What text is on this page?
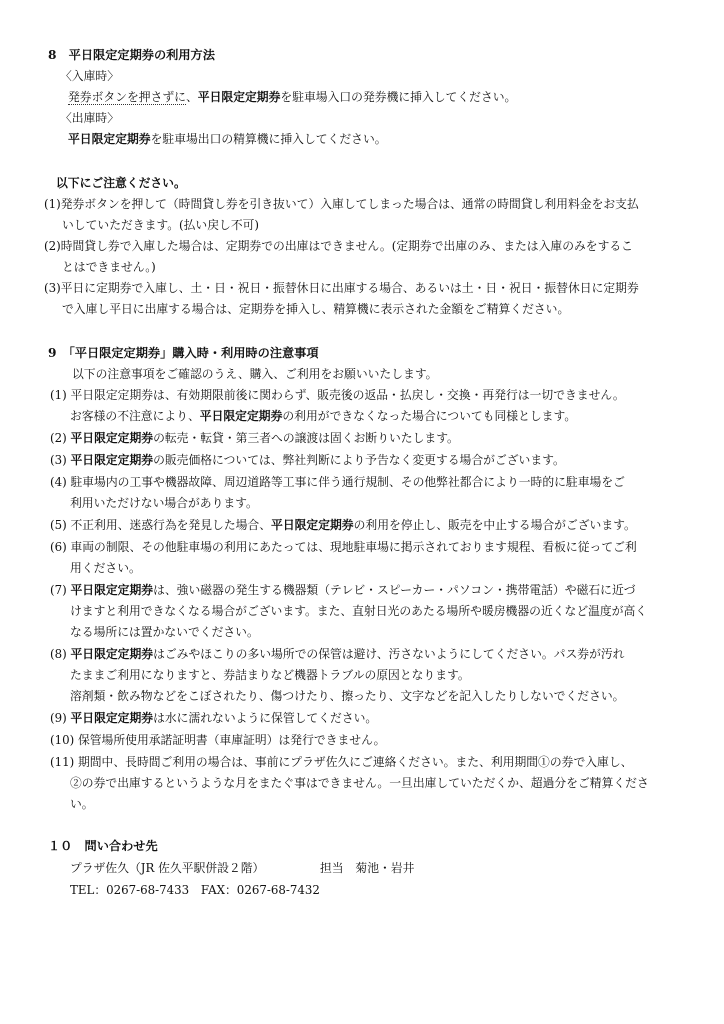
8　平日限定定期券の利用方法
〈入庫時〉
発券ボタンを押さずに、平日限定定期券を駐車場入口の発券機に挿入してください。
〈出庫時〉
平日限定定期券を駐車場出口の精算機に挿入してください。
以下にご注意ください。
(1)発券ボタンを押して（時間貸し券を引き抜いて）入庫してしまった場合は、通常の時間貸し利用料金をお支払
いしていただきます。(払い戻し不可)
(2)時間貸し券で入庫した場合は、定期券での出庫はできません。(定期券で出庫のみ、または入庫のみをするこ
とはできません。)
(3)平日に定期券で入庫し、土・日・祝日・振替休日に出庫する場合、あるいは土・日・祝日・振替休日に定期券
で入庫し平日に出庫する場合は、定期券を挿入し、精算機に表示された金額をご精算ください。
9　「平日限定定期券」購入時・利用時の注意事項
以下の注意事項をご確認のうえ、購入、ご利用をお願いいたします。
(1) 平日限定定期券は、有効期限前後に関わらず、販売後の返品・払戻し・交換・再発行は一切できません。
お客様の不注意により、平日限定定期券の利用ができなくなった場合についても同様とします。
(2) 平日限定定期券の転売・転貸・第三者への譲渡は固くお断りいたします。
(3) 平日限定定期券の販売価格については、弊社判断により予告なく変更する場合がございます。
(4) 駐車場内の工事や機器故障、周辺道路等工事に伴う通行規制、その他弊社都合により一時的に駐車場をご
利用いただけない場合があります。
(5) 不正利用、迷惑行為を発見した場合、平日限定定期券の利用を停止し、販売を中止する場合がございます。
(6) 車両の制限、その他駐車場の利用にあたっては、現地駐車場に掲示されております規程、看板に従ってご利
用ください。
(7) 平日限定定期券は、強い磁器の発生する機器類（テレビ・スピーカー・パソコン・携帯電話）や磁石に近づ
けますと利用できなくなる場合がございます。また、直射日光のあたる場所や暖房機器の近くなど温度が高く
なる場所には置かないでください。
(8) 平日限定定期券はごみやほこりの多い場所での保管は避け、汚さないようにしてください。パス券が汚れ
たままご利用になりますと、券詰まりなど機器トラブルの原因となります。
溶剤類・飲み物などをこぼされたり、傷つけたり、擦ったり、文字などを記入したりしないでください。
(9) 平日限定定期券は水に濡れないように保管してください。
(10) 保管場所使用承諾証明書（車庫証明）は発行できません。
(11) 期間中、長時間ご利用の場合は、事前にプラザ佐久にご連絡ください。また、利用期間①の券で入庫し、
②の券で出庫するというような月をまたぐ事はできません。一旦出庫していただくか、超過分をご精算くださ
い。
１０　問い合わせ先
プラザ佐久（JR 佐久平駅併設２階）	担当　菊池・岩井
TEL：0267-68-7433　FAX：0267-68-7432
